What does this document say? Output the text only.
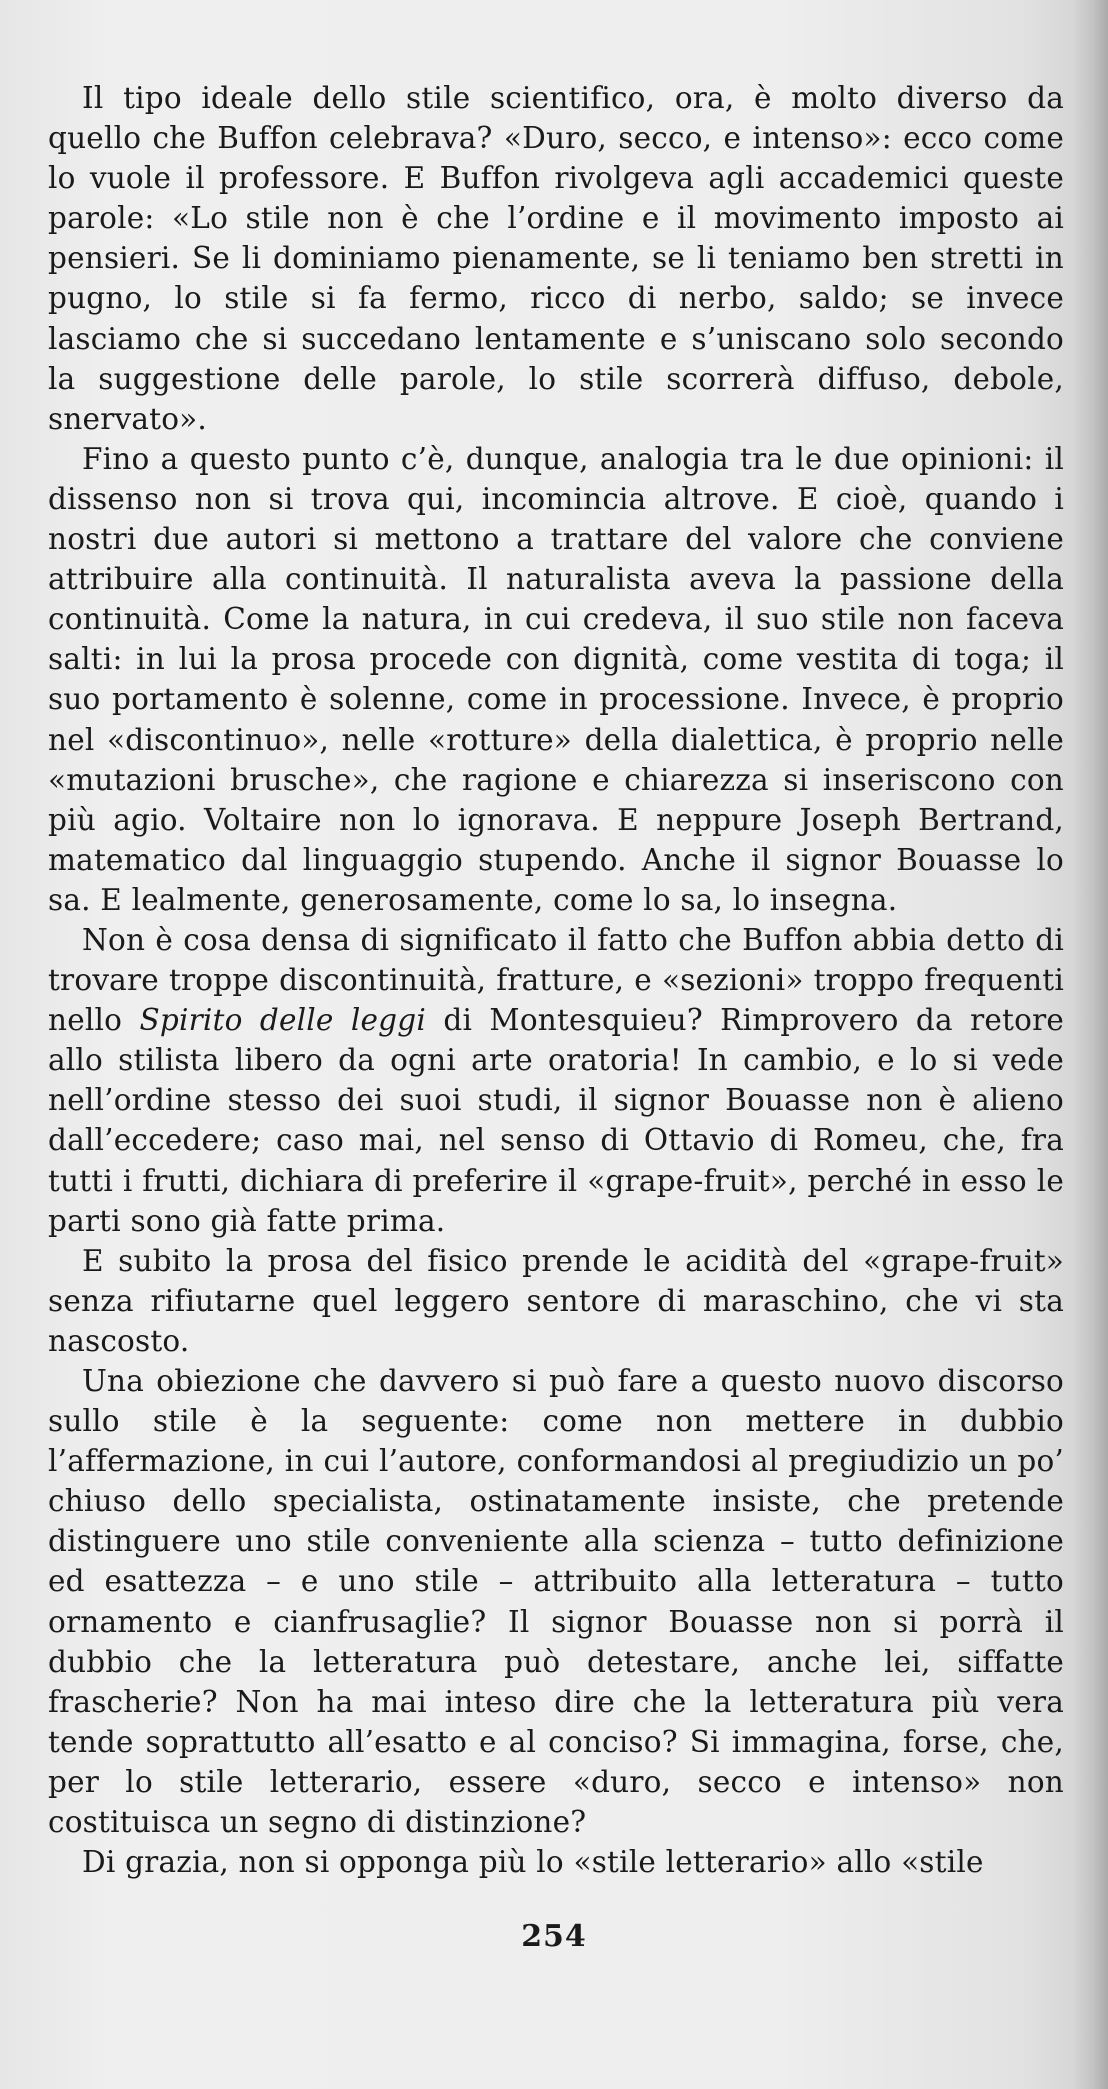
Il tipo ideale dello stile scientifico, ora, è molto diverso da quello che Buffon celebrava? «Duro, secco, e intenso»: ecco come lo vuole il professore. E Buffon rivolgeva agli accademici queste parole: «Lo stile non è che l’ordine e il movimento imposto ai pensieri. Se li dominiamo pienamente, se li teniamo ben stretti in pugno, lo stile si fa fermo, ricco di nerbo, saldo; se invece lasciamo che si succedano lentamente e s’uniscano solo secondo la suggestione delle parole, lo stile scorrerà diffuso, debole, snervato».

Fino a questo punto c’è, dunque, analogia tra le due opinioni: il dissenso non si trova qui, incomincia altrove. E cioè, quando i nostri due autori si mettono a trattare del valore che conviene attribuire alla continuità. Il naturalista aveva la passione della continuità. Come la natura, in cui credeva, il suo stile non faceva salti: in lui la prosa procede con dignità, come vestita di toga; il suo portamento è solenne, come in processione. Invece, è proprio nel «discontinuo», nelle «rotture» della dialettica, è proprio nelle «mutazioni brusche», che ragione e chiarezza si inseriscono con più agio. Voltaire non lo ignorava. E neppure Joseph Bertrand, matematico dal linguaggio stupendo. Anche il signor Bouasse lo sa. E lealmente, generosamente, come lo sa, lo insegna.

Non è cosa densa di significato il fatto che Buffon abbia detto di trovare troppe discontinuità, fratture, e «sezioni» troppo frequenti nello Spirito delle leggi di Montesquieu? Rimprovero da retore allo stilista libero da ogni arte oratoria! In cambio, e lo si vede nell’ordine stesso dei suoi studi, il signor Bouasse non è alieno dall’eccedere; caso mai, nel senso di Ottavio di Romeu, che, fra tutti i frutti, dichiara di preferire il «grape-fruit», perché in esso le parti sono già fatte prima.

E subito la prosa del fisico prende le acidità del «grape-fruit» senza rifiutarne quel leggero sentore di maraschino, che vi sta nascosto.

Una obiezione che davvero si può fare a questo nuovo discorso sullo stile è la seguente: come non mettere in dubbio l’affermazione, in cui l’autore, conformandosi al pregiudizio un po’ chiuso dello specialista, ostinatamente insiste, che pretende distinguere uno stile conveniente alla scienza – tutto definizione ed esattezza – e uno stile – attribuito alla letteratura – tutto ornamento e cianfrusaglie? Il signor Bouasse non si porrà il dubbio che la letteratura può detestare, anche lei, siffatte frascherie? Non ha mai inteso dire che la letteratura più vera tende soprattutto all’esatto e al conciso? Si immagina, forse, che, per lo stile letterario, essere «duro, secco e intenso» non costituisca un segno di distinzione?

Di grazia, non si opponga più lo «stile letterario» allo «stile

254
